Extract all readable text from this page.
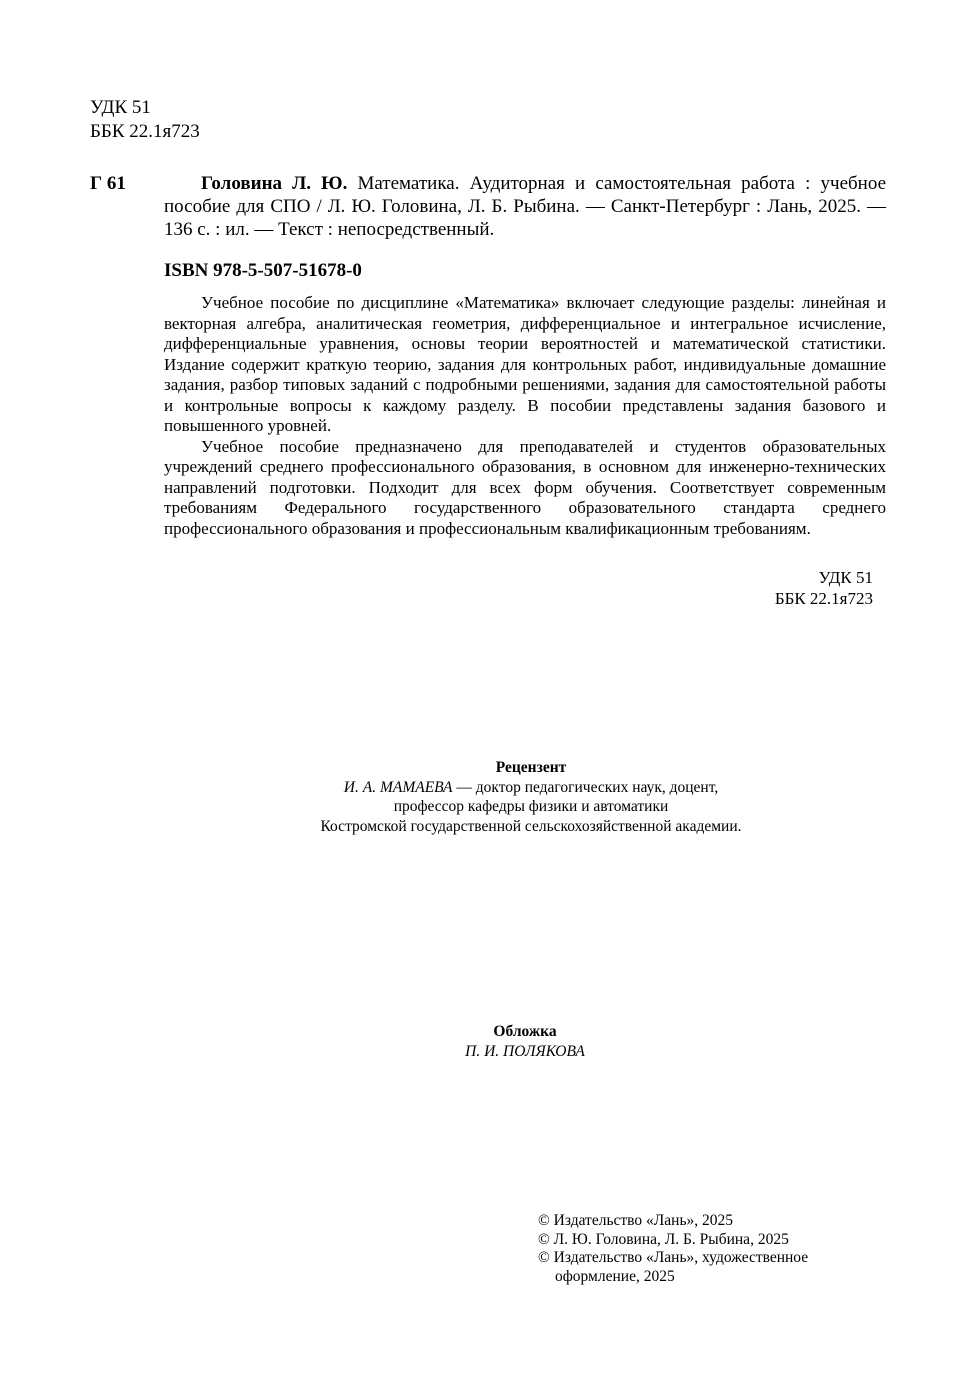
УДК 51
ББК 22.1я723
Г 61	Головина Л. Ю. Математика. Аудиторная и самостоятельная работа : учебное пособие для СПО / Л. Ю. Головина, Л. Б. Рыбина. — Санкт-Петербург : Лань, 2025. — 136 с. : ил. — Текст : непосредственный.
ISBN 978-5-507-51678-0

Учебное пособие по дисциплине «Математика» включает следующие разделы: линейная и векторная алгебра, аналитическая геометрия, дифференциальное и интегральное исчисление, дифференциальные уравнения, основы теории вероятностей и математической статистики. Издание содержит краткую теорию, задания для контрольных работ, индивидуальные домашние задания, разбор типовых заданий с подробными решениями, задания для самостоятельной работы и контрольные вопросы к каждому разделу. В пособии представлены задания базового и повышенного уровней.

Учебное пособие предназначено для преподавателей и студентов образовательных учреждений среднего профессионального образования, в основном для инженерно-технических направлений подготовки. Подходит для всех форм обучения. Соответствует современным требованиям Федерального государственного образовательного стандарта среднего профессионального образования и профессиональным квалификационным требованиям.

УДК 51
ББК 22.1я723
Рецензент
И. А. МАМАЕВА — доктор педагогических наук, доцент,
профессор кафедры физики и автоматики
Костромской государственной сельскохозяйственной академии.
Обложка
П. И. ПОЛЯКОВА
© Издательство «Лань», 2025
© Л. Ю. Головина, Л. Б. Рыбина, 2025
© Издательство «Лань», художественное
оформление, 2025
